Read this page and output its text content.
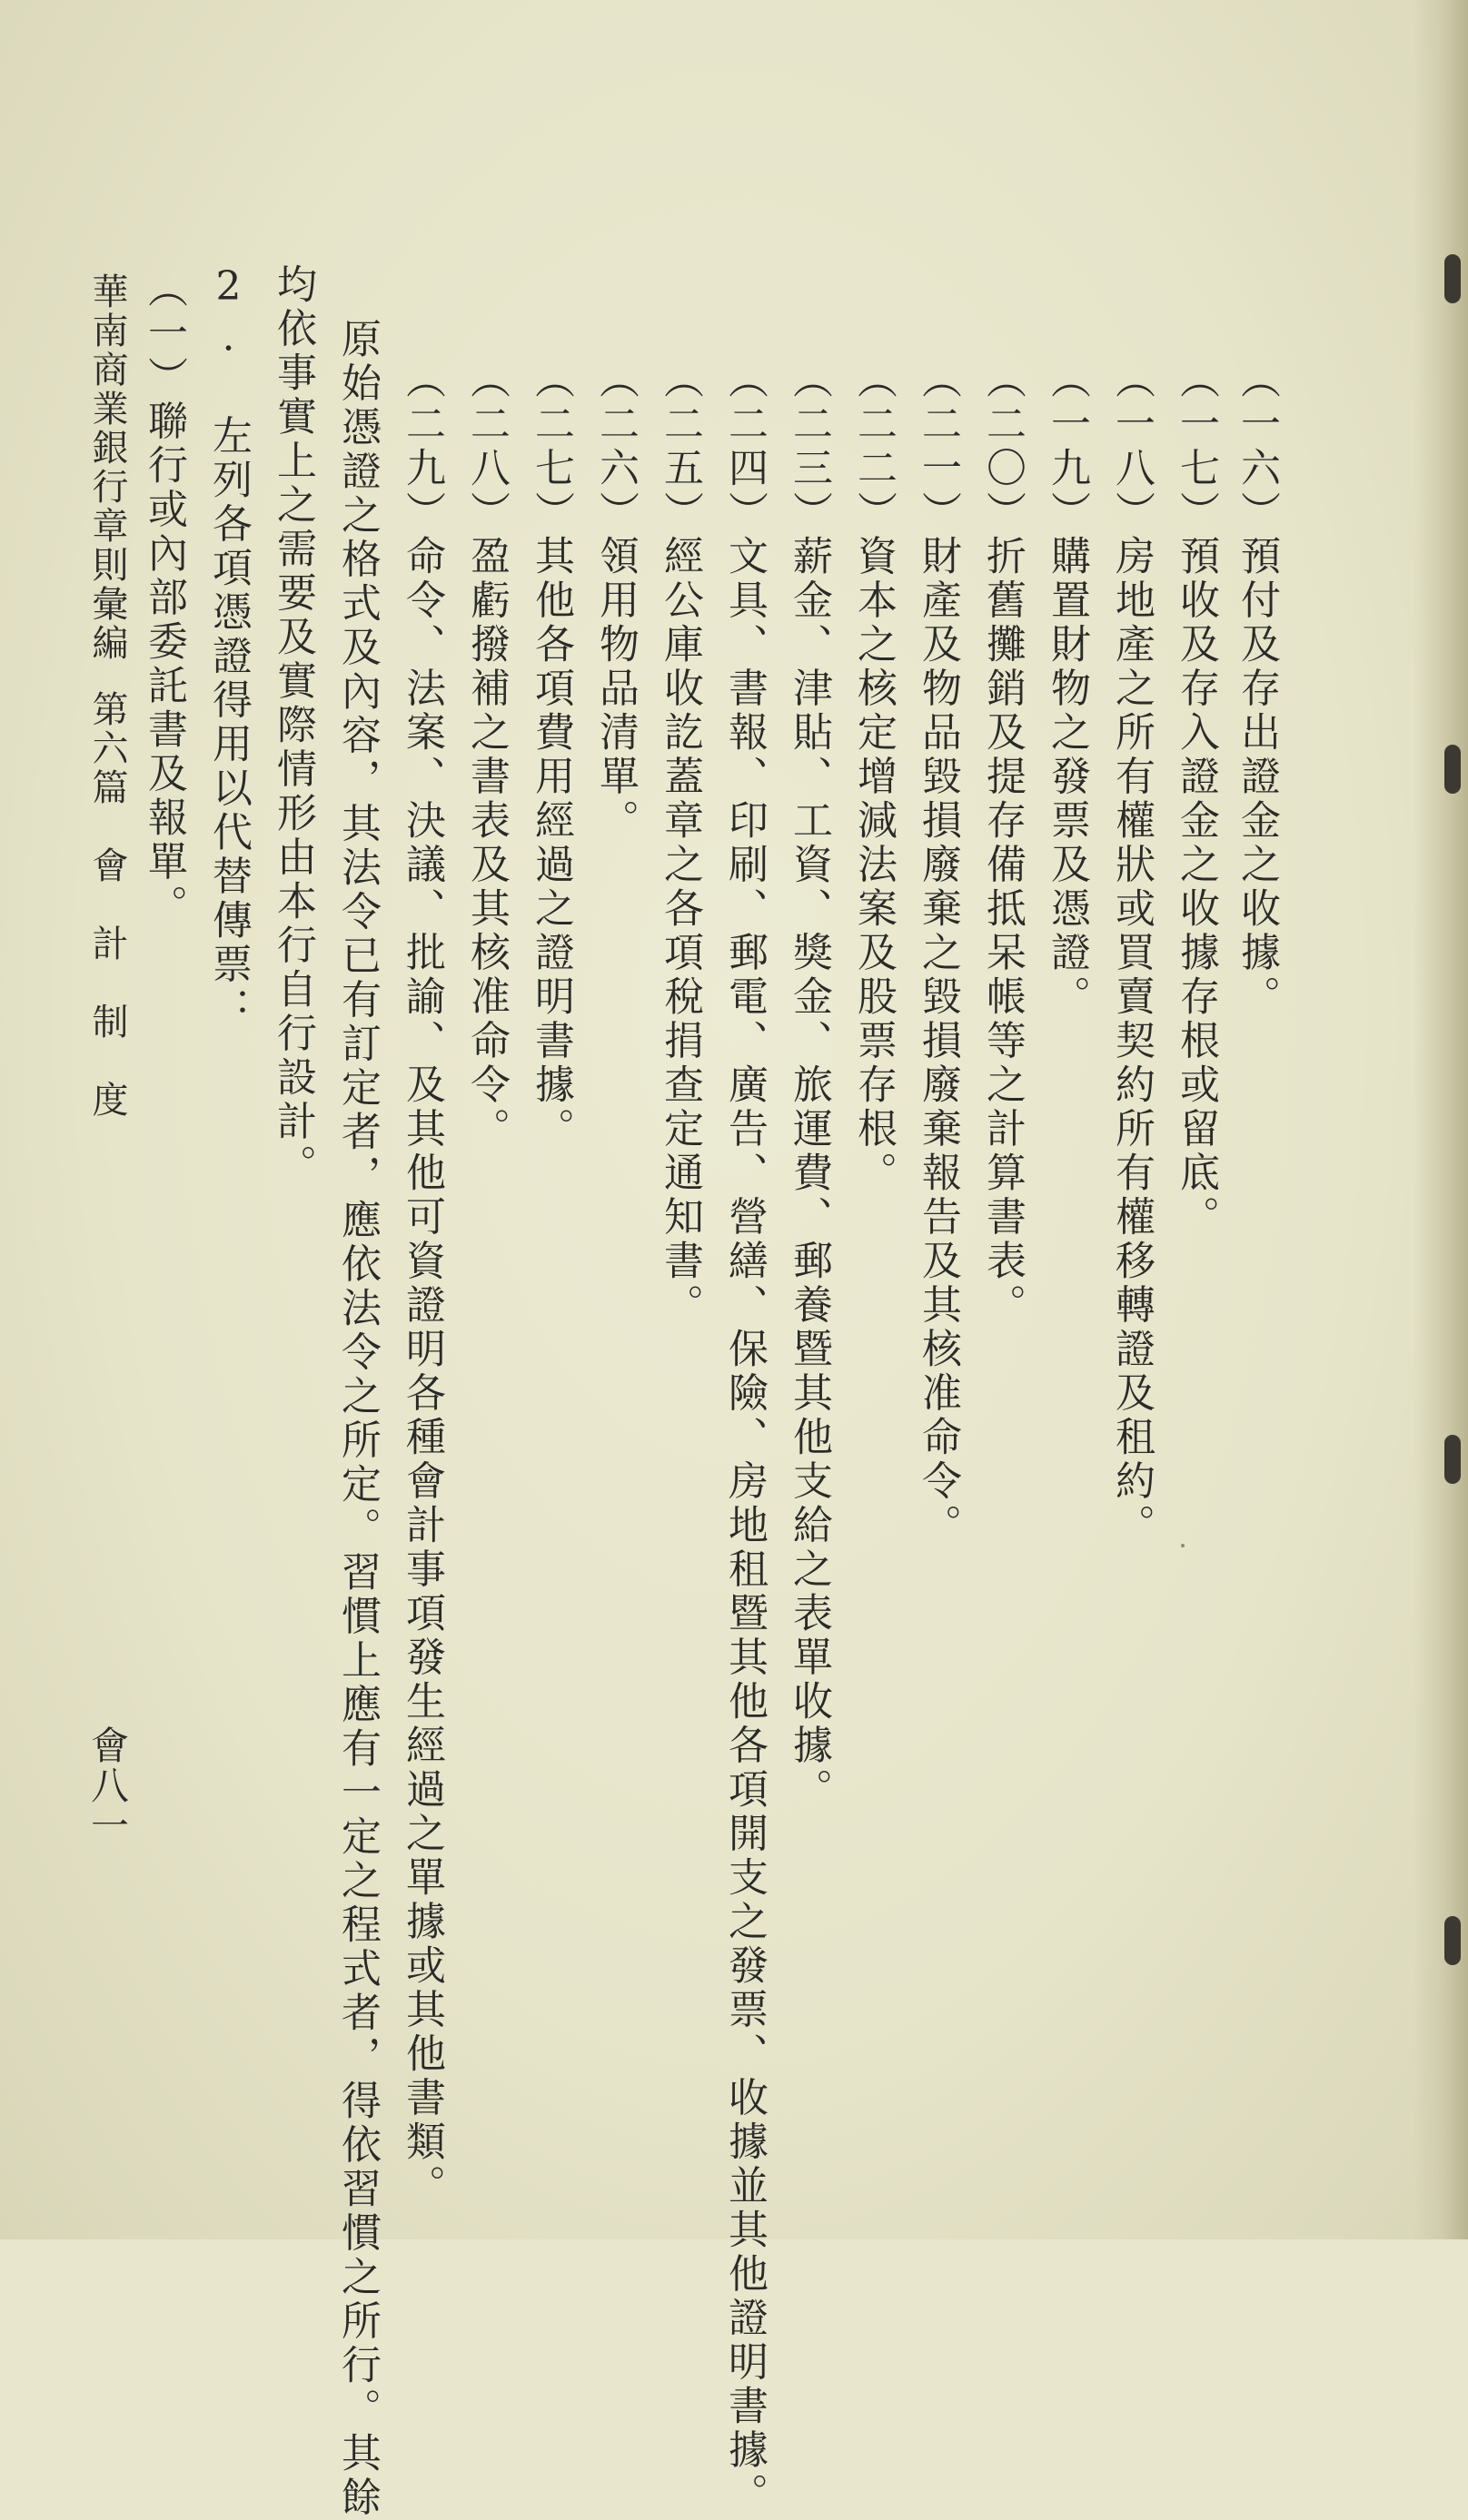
（一六）預付及存出證金之收據。
（一七）預收及存入證金之收據存根或留底。
（一八）房地產之所有權狀或買賣契約所有權移轉證及租約。
（一九）購置財物之發票及憑證。
（二〇）折舊攤銷及提存備抵呆帳等之計算書表。
（二一）財產及物品毀損廢棄之毀損廢棄報告及其核准命令。
（二二）資本之核定增減法案及股票存根。
（二三）薪金、津貼、工資、獎金、旅運費、郵養暨其他支給之表單收據。
（二四）文具、書報、印刷、郵電、廣告、營繕、保險、房地租暨其他各項開支之發票、收據並其他證明書據。
（二五）經公庫收訖蓋章之各項稅捐查定通知書。
（二六）領用物品清單。
（二七）其他各項費用經過之證明書據。
（二八）盈虧撥補之書表及其核准命令。
（二九）命令、法案、決議、批諭、及其他可資證明各種會計事項發生經過之單據或其他書類。
原始憑證之格式及內容，其法令已有訂定者，應依法令之所定。習慣上應有一定之程式者，得依習慣之所行。其餘
均依事實上之需要及實際情形由本行自行設計。
2. 左列各項憑證得用以代替傳票：
（一）聯行或內部委託書及報單。
華南商業銀行章則彙編
第六篇　會　計　制　度
會八一
